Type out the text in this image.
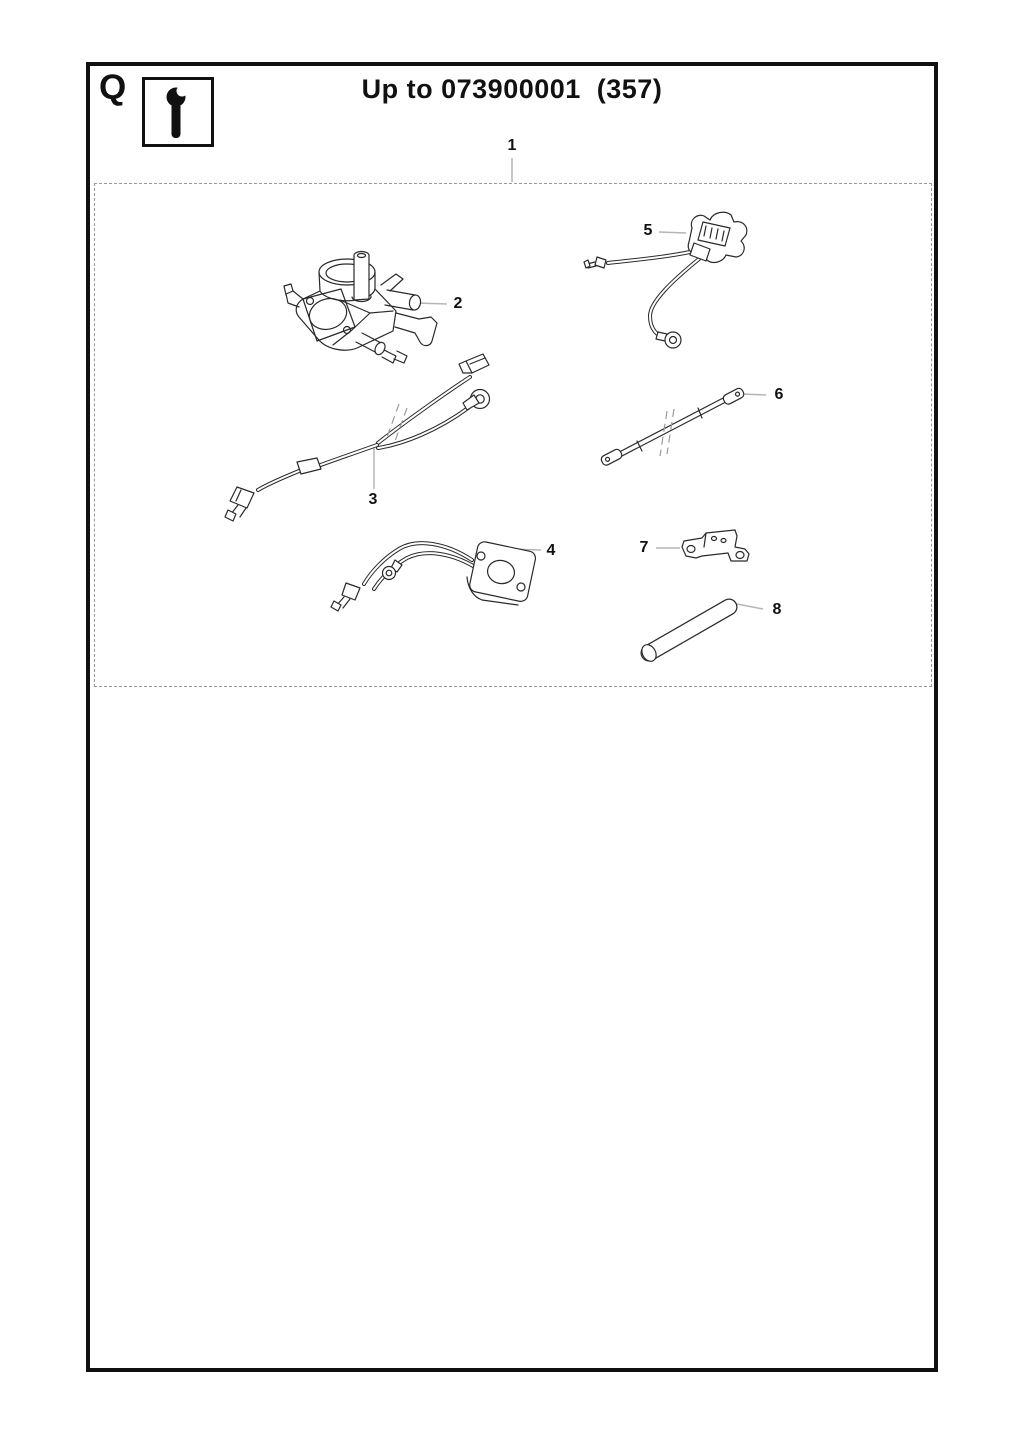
Q	Up to 073900001  (357)
1
2
3
4
5
6
7
8
